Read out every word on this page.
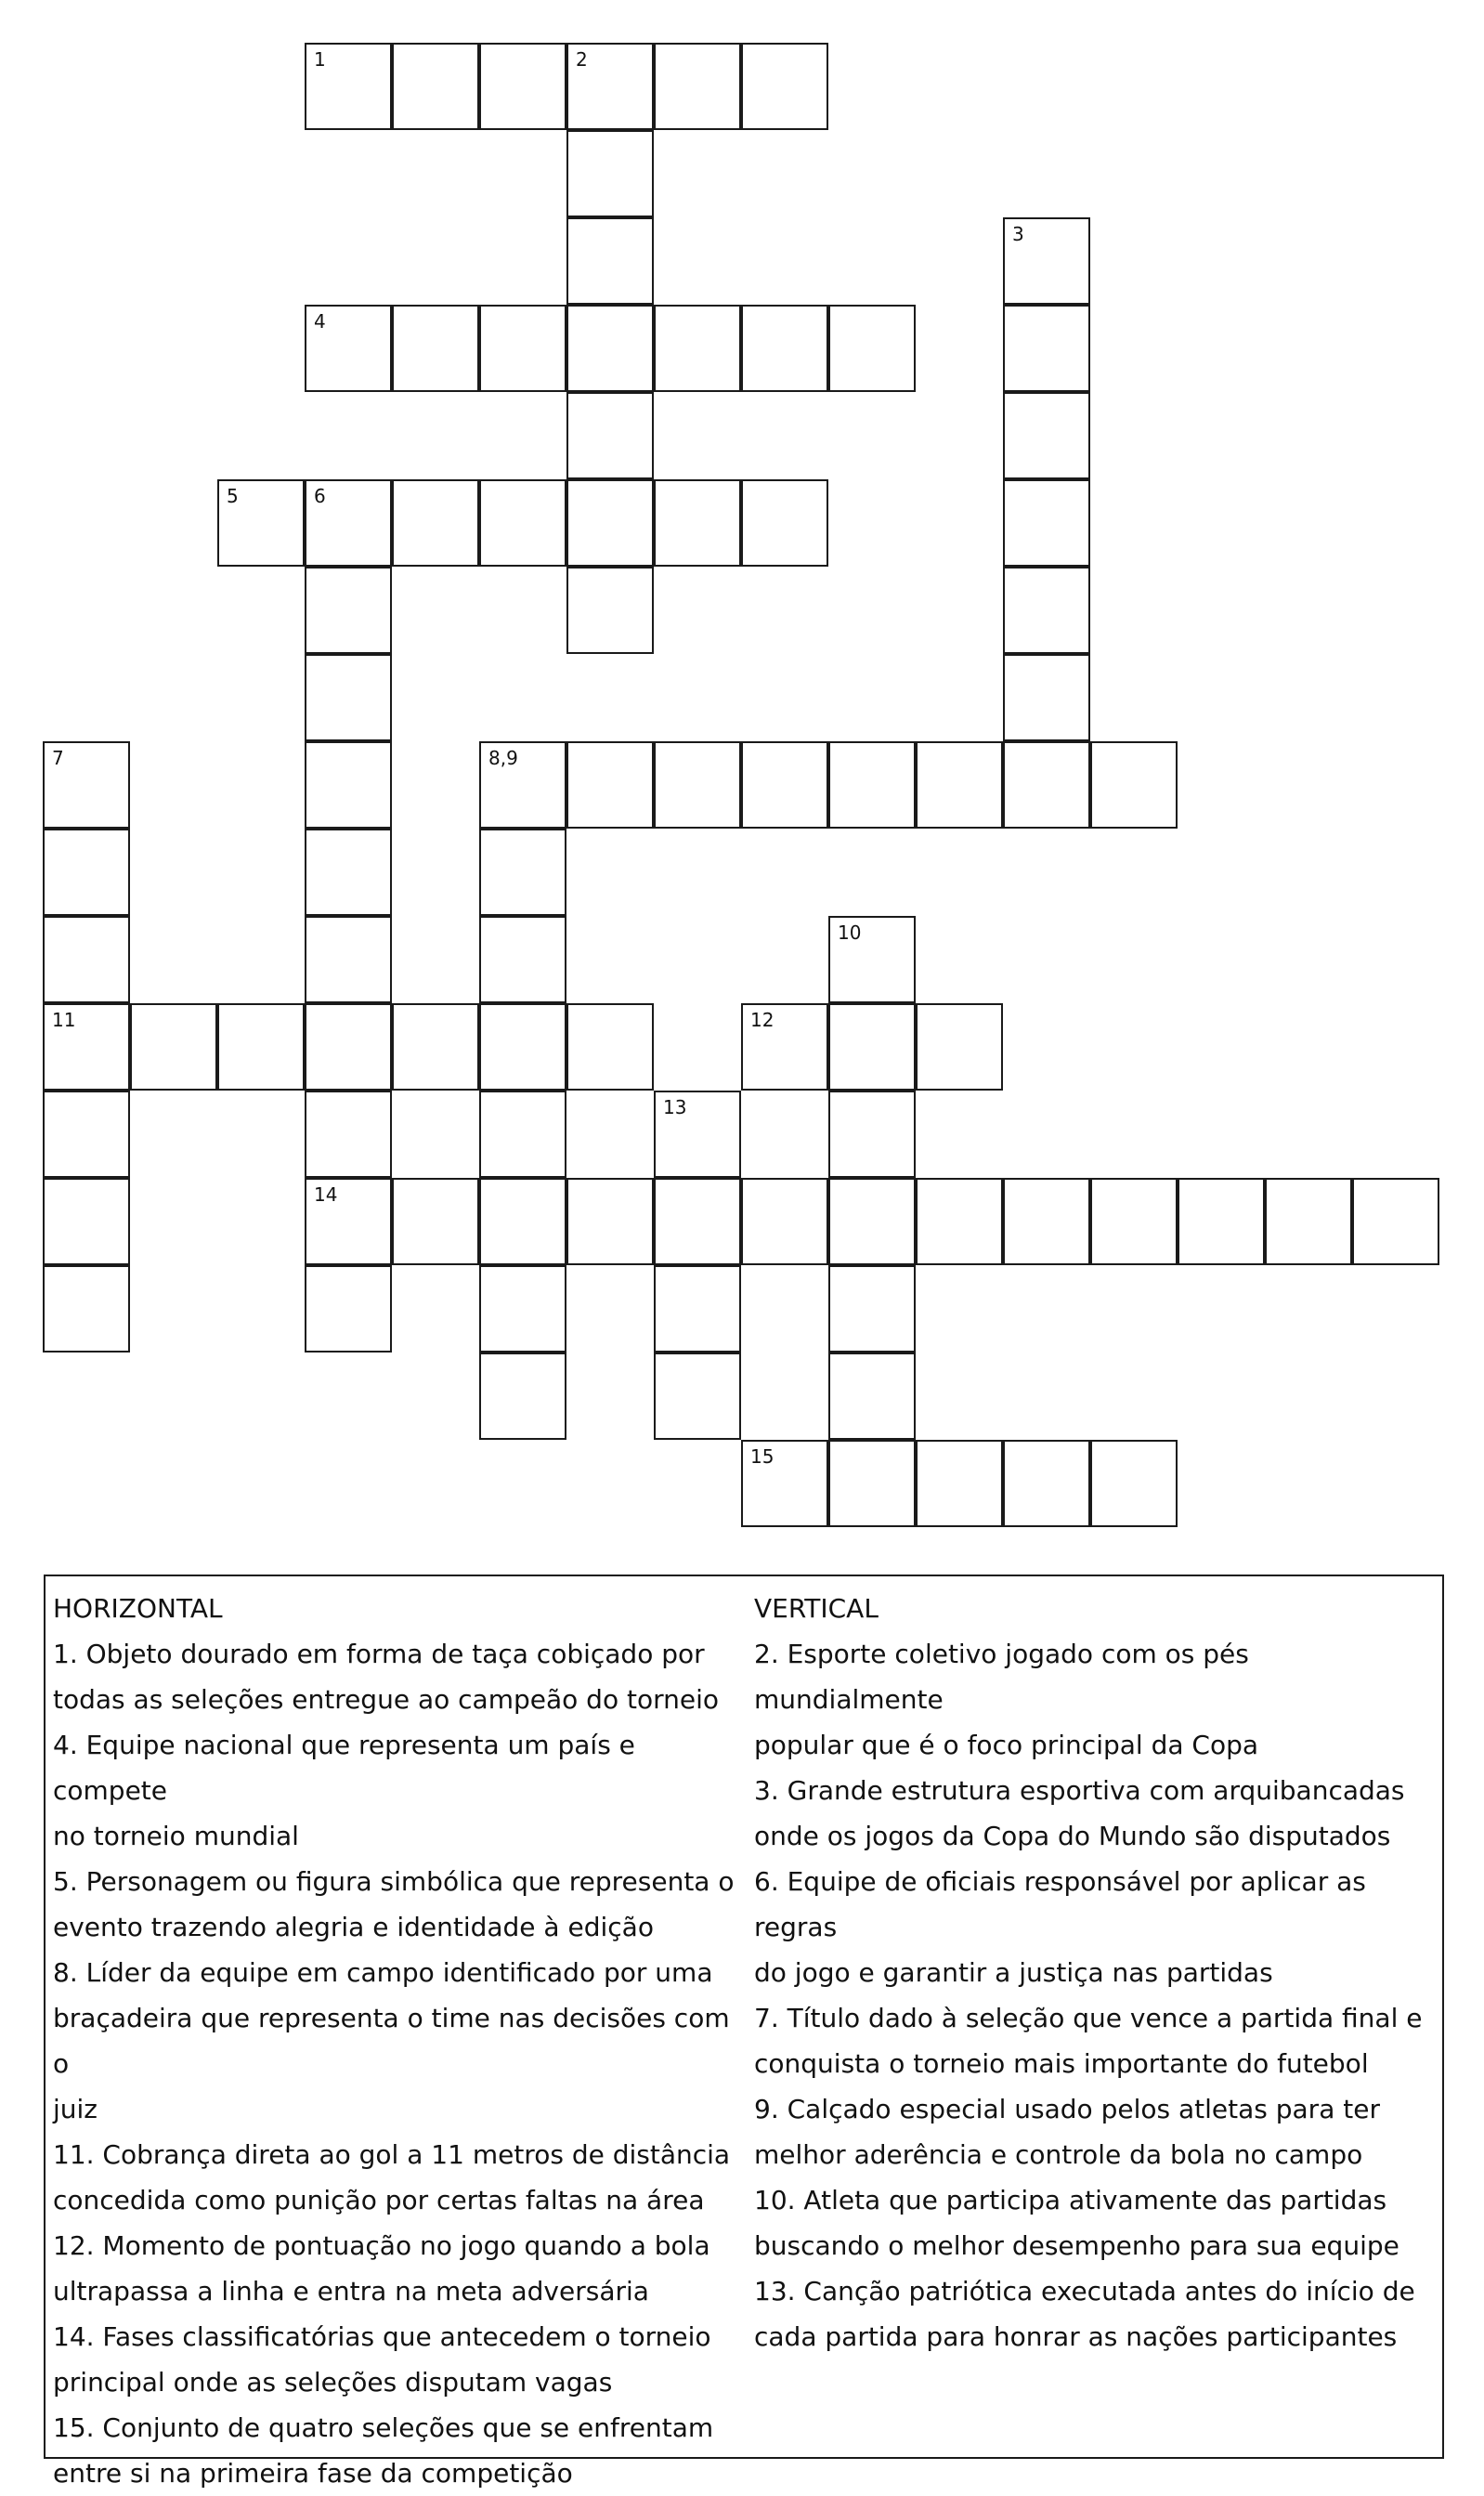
1	2
3
4
5	6
14
7
11
8,9
10
12
13
15
HORIZONTAL
1. Objeto dourado em forma de taça cobiçado por
todas as seleções entregue ao campeão do torneio
4. Equipe nacional que representa um país e compete
no torneio mundial
5. Personagem ou figura simbólica que representa o
evento trazendo alegria e identidade à edição
8. Líder da equipe em campo identificado por uma
braçadeira que representa o time nas decisões com o
juiz
11. Cobrança direta ao gol a 11 metros de distância
concedida como punição por certas faltas na área
12. Momento de pontuação no jogo quando a bola
ultrapassa a linha e entra na meta adversária
14. Fases classificatórias que antecedem o torneio
principal onde as seleções disputam vagas
15. Conjunto de quatro seleções que se enfrentam
entre si na primeira fase da competição
VERTICAL
2. Esporte coletivo jogado com os pés mundialmente
popular que é o foco principal da Copa
3. Grande estrutura esportiva com arquibancadas
onde os jogos da Copa do Mundo são disputados
6. Equipe de oficiais responsável por aplicar as regras
do jogo e garantir a justiça nas partidas
7. Título dado à seleção que vence a partida final e
conquista o torneio mais importante do futebol
9. Calçado especial usado pelos atletas para ter
melhor aderência e controle da bola no campo
10. Atleta que participa ativamente das partidas
buscando o melhor desempenho para sua equipe
13. Canção patriótica executada antes do início de
cada partida para honrar as nações participantes
